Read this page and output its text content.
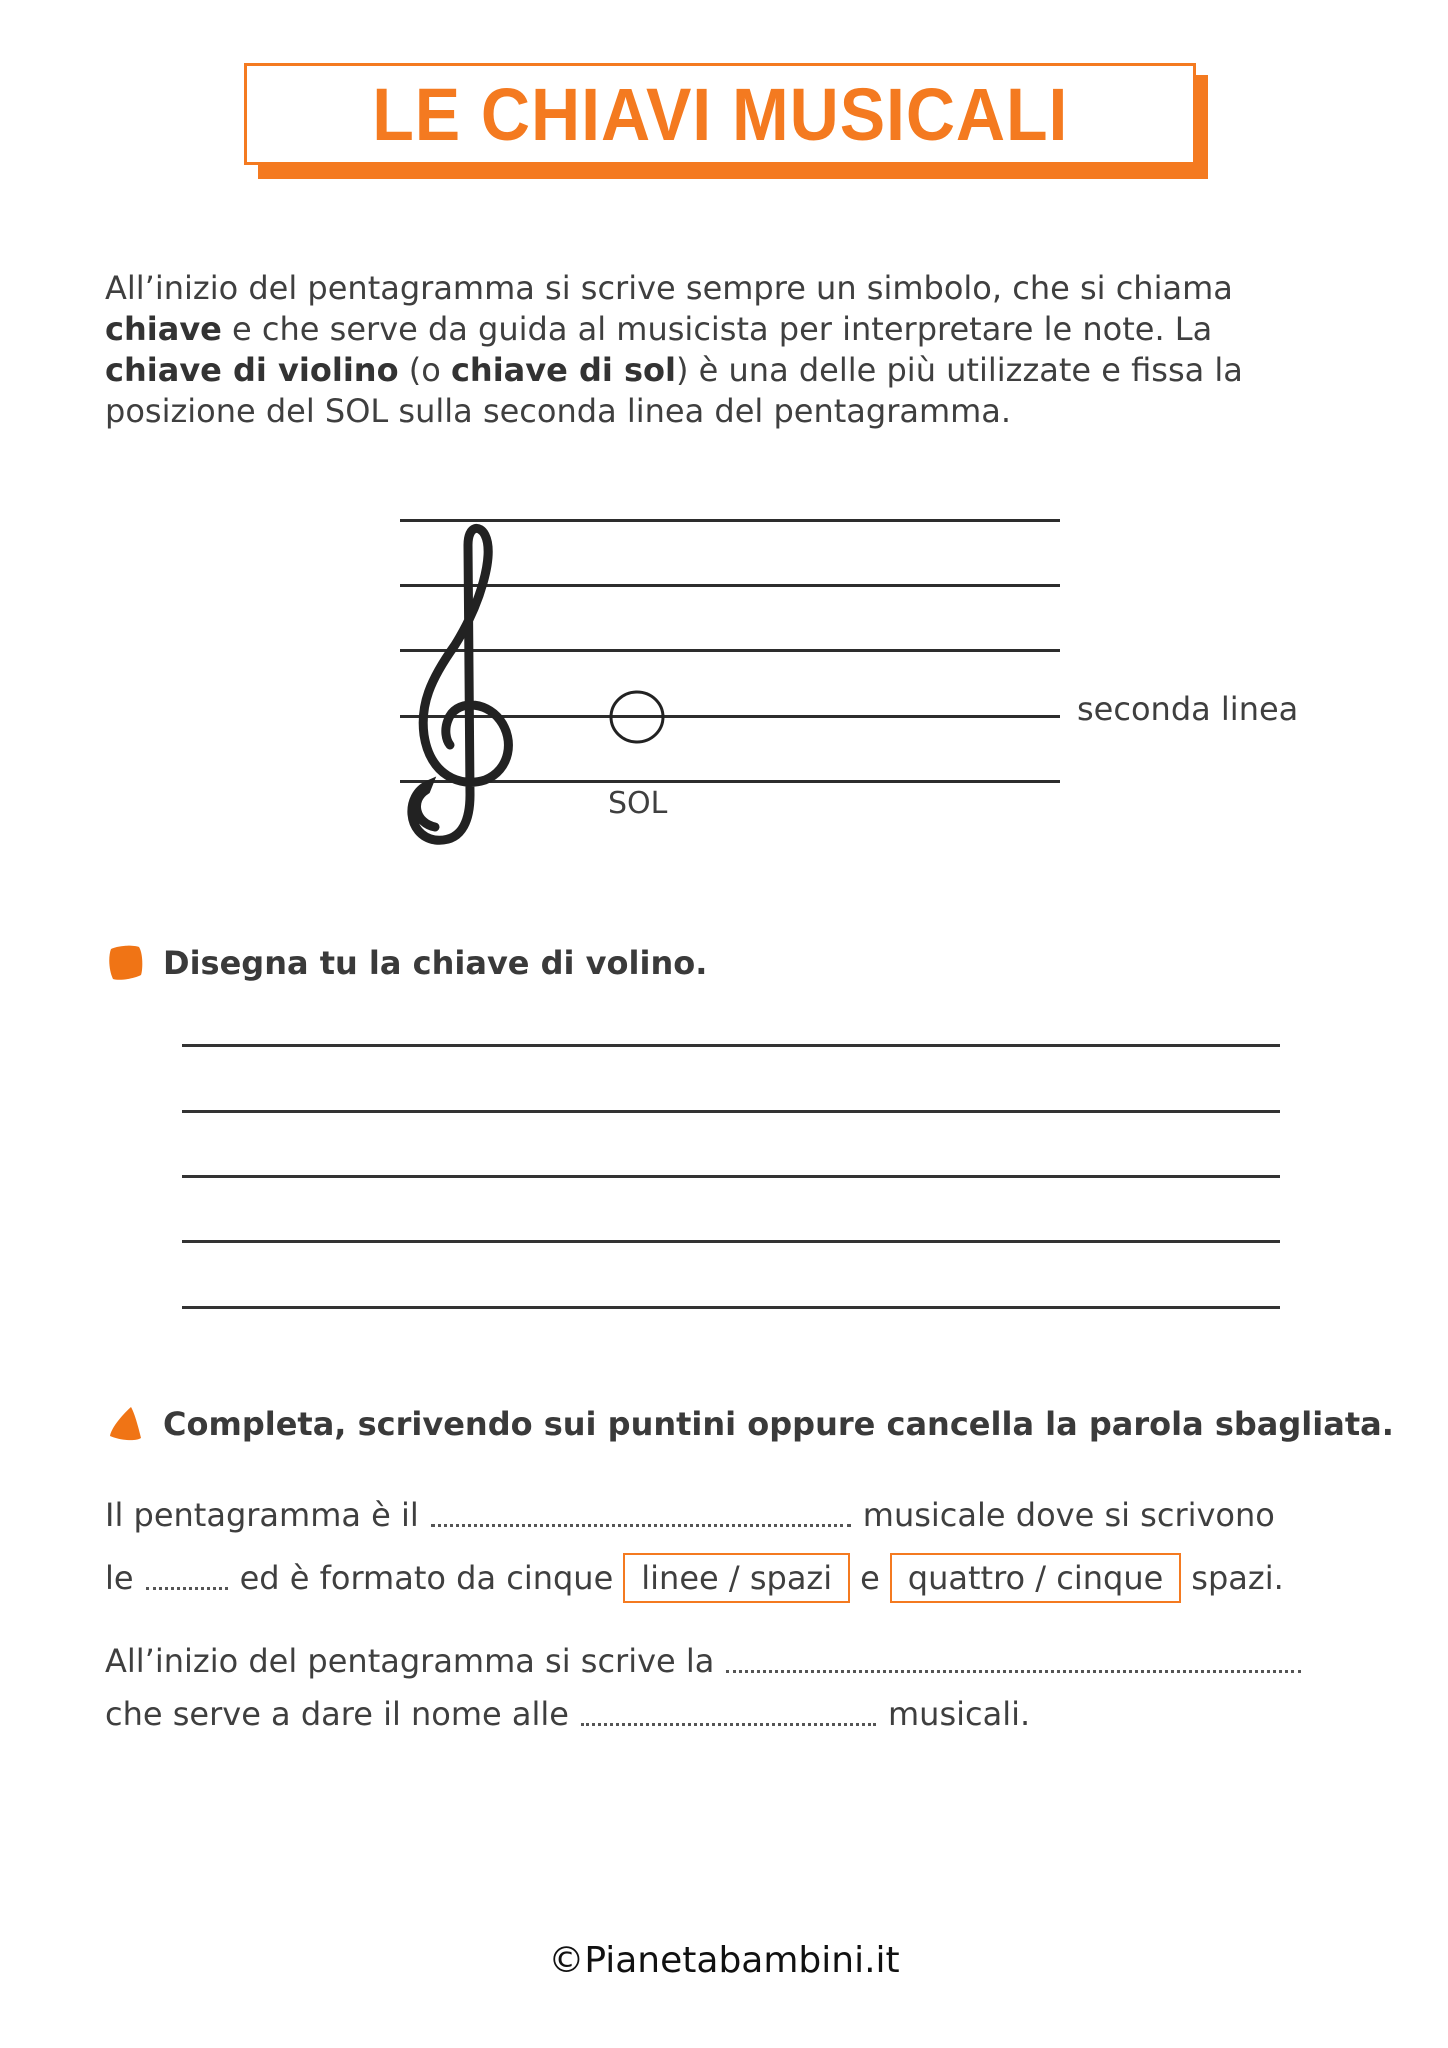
LE CHIAVI MUSICALI
All’inizio del pentagramma si scrive sempre un simbolo, che si chiama
chiave e che serve da guida al musicista per interpretare le note. La
chiave di violino (o chiave di sol) è una delle più utilizzate e fissa la
posizione del SOL sulla seconda linea del pentagramma.
SOL
seconda linea
Disegna tu la chiave di volino.
Completa, scrivendo sui puntini oppure cancella la parola sbagliata.
Il pentagramma è il	musicale dove si scrivono
le	ed è formato da cinque linee / spazi e quattro / cinque spazi.
All’inizio del pentagramma si scrive la
che serve a dare il nome alle	musicali.
©Pianetabambini.it
